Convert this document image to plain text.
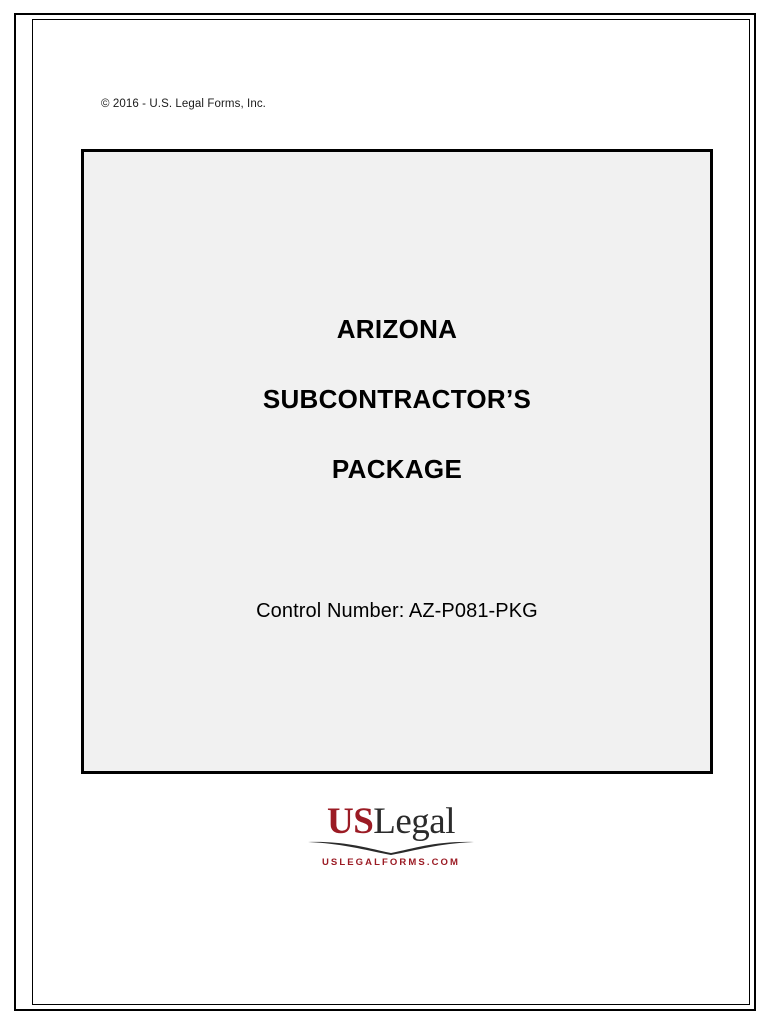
© 2016 - U.S. Legal Forms, Inc.
ARIZONA
SUBCONTRACTOR’S
PACKAGE
Control Number: AZ-P081-PKG
USLegal
USLEGALFORMS.COM
